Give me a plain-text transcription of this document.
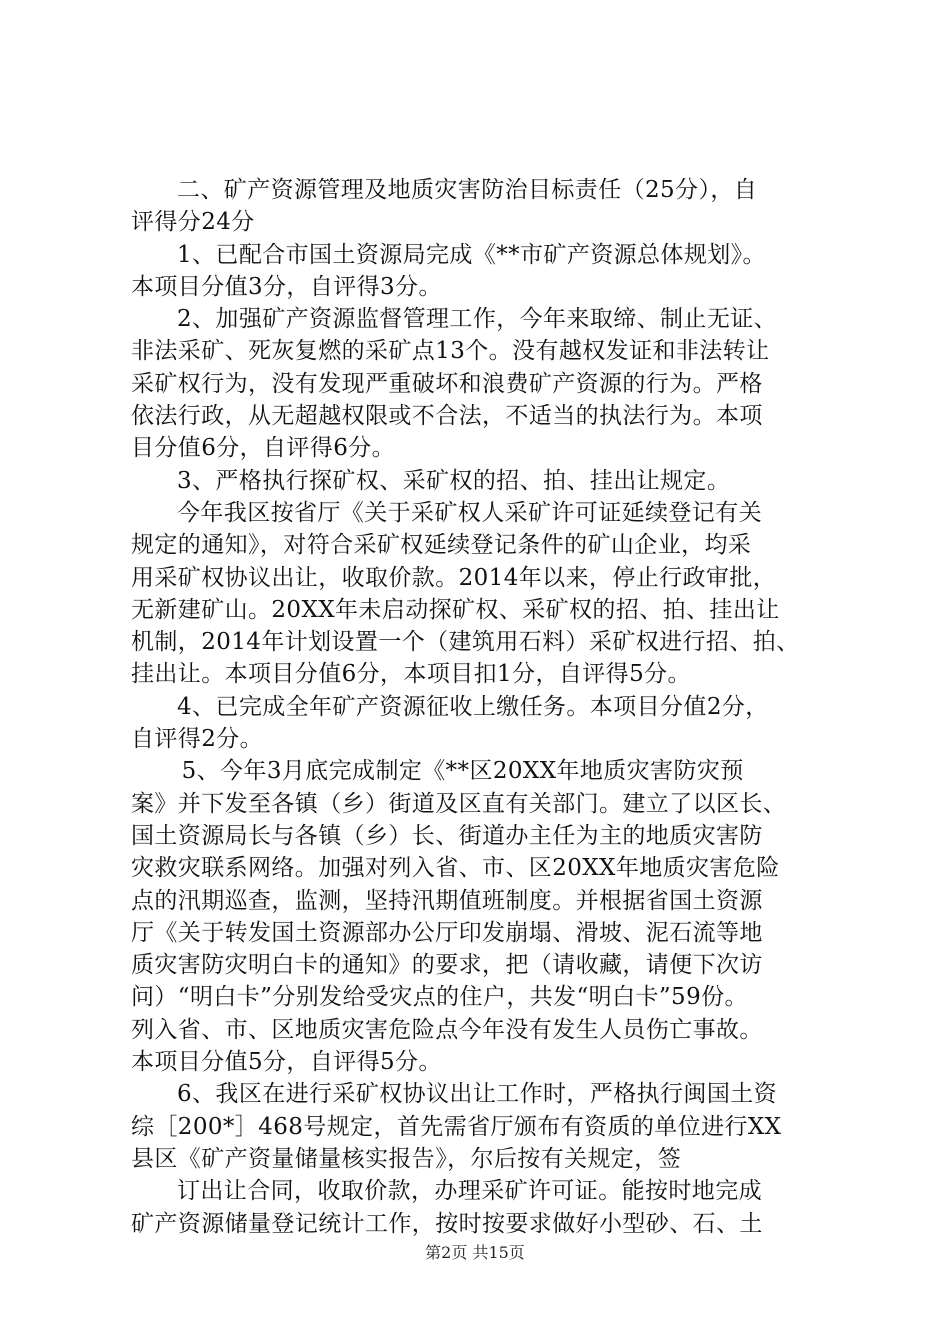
二、矿产资源管理及地质灾害防治目标责任（25分），自
评得分24分
1、已配合市国土资源局完成《**市矿产资源总体规划》。
本项目分值3分，自评得3分。
2、加强矿产资源监督管理工作，今年来取缔、制止无证、
非法采矿、死灰复燃的采矿点13个。没有越权发证和非法转让
采矿权行为，没有发现严重破坏和浪费矿产资源的行为。严格
依法行政，从无超越权限或不合法，不适当的执法行为。本项
目分值6分，自评得6分。
3、严格执行探矿权、采矿权的招、拍、挂出让规定。
今年我区按省厅《关于采矿权人采矿许可证延续登记有关
规定的通知》，对符合采矿权延续登记条件的矿山企业，均采
用采矿权协议出让，收取价款。2014年以来，停止行政审批，
无新建矿山。20XX年未启动探矿权、采矿权的招、拍、挂出让
机制，2014年计划设置一个（建筑用石料）采矿权进行招、拍、
挂出让。本项目分值6分，本项目扣1分，自评得5分。
4、已完成全年矿产资源征收上缴任务。本项目分值2分，
自评得2分。
5、今年3月底完成制定《**区20XX年地质灾害防灾预
案》并下发至各镇（乡）街道及区直有关部门。建立了以区长、
国土资源局长与各镇（乡）长、街道办主任为主的地质灾害防
灾救灾联系网络。加强对列入省、市、区20XX年地质灾害危险
点的汛期巡查，监测，坚持汛期值班制度。并根据省国土资源
厅《关于转发国土资源部办公厅印发崩塌、滑坡、泥石流等地
质灾害防灾明白卡的通知》的要求，把（请收藏，请便下次访
问）“明白卡”分别发给受灾点的住户，共发“明白卡”59份。
列入省、市、区地质灾害危险点今年没有发生人员伤亡事故。
本项目分值5分，自评得5分。
6、我区在进行采矿权协议出让工作时，严格执行闽国土资
综［200*］468号规定，首先需省厅颁布有资质的单位进行XX
县区《矿产资量储量核实报告》，尔后按有关规定，签
订出让合同，收取价款，办理采矿许可证。能按时地完成
矿产资源储量登记统计工作，按时按要求做好小型砂、石、土
第2页 共15页
